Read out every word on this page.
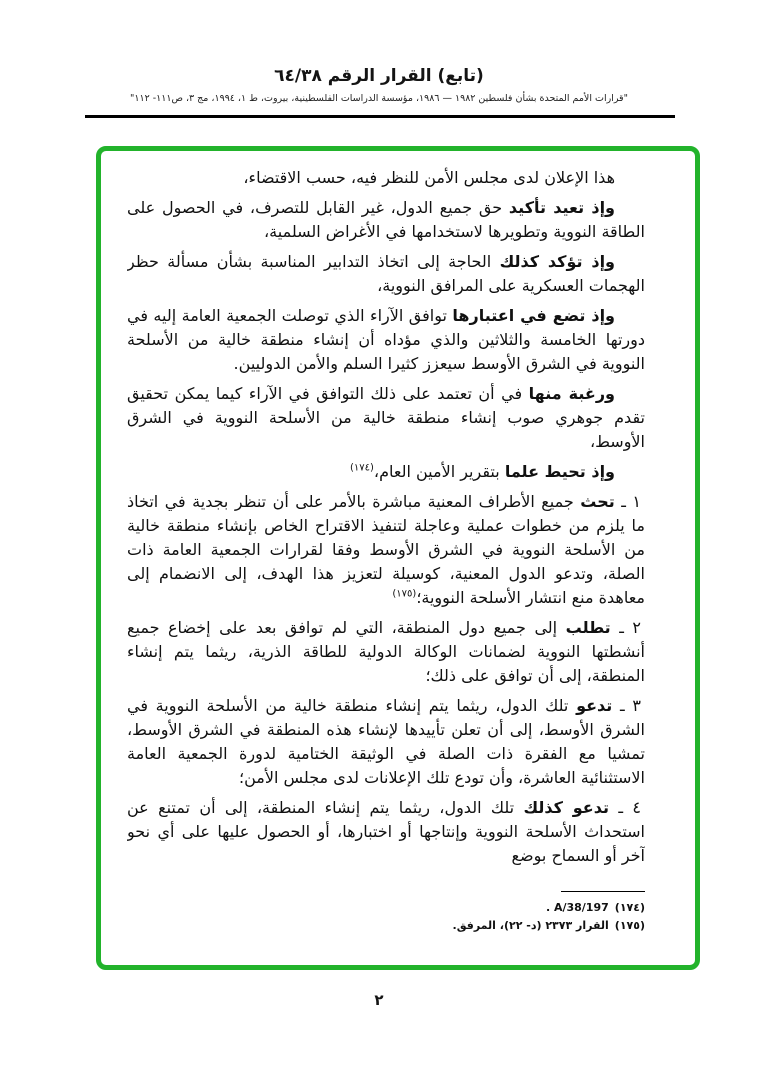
(تابع) القرار الرقم ٦٤/٣٨
"قرارات الأمم المتحدة بشأن فلسطين ١٩٨٢ — ١٩٨٦، مؤسسة الدراسات الفلسطينية، بيروت، ط ١، ١٩٩٤، مج ٣، ص١١١- ١١٢"

هذا الإعلان لدى مجلس الأمن للنظر فيه، حسب الاقتضاء،

وإذ تعيد تأكيد حق جميع الدول، غير القابل للتصرف، في الحصول على الطاقة النووية وتطويرها لاستخدامها في الأغراض السلمية،

وإذ تؤكد كذلك الحاجة إلى اتخاذ التدابير المناسبة بشأن مسألة حظر الهجمات العسكرية على المرافق النووية،

وإذ تضع في اعتبارها توافق الآراء الذي توصلت الجمعية العامة إليه في دورتها الخامسة والثلاثين والذي مؤداه أن إنشاء منطقة خالية من الأسلحة النووية في الشرق الأوسط سيعزز كثيرا السلم والأمن الدوليين.

ورغبة منها في أن تعتمد على ذلك التوافق في الآراء كيما يمكن تحقيق تقدم جوهري صوب إنشاء منطقة خالية من الأسلحة النووية في الشرق الأوسط،

وإذ تحيط علما بتقرير الأمين العام،$^{(١٧٤)}$

١ ـ تحث جميع الأطراف المعنية مباشرة بالأمر على أن تنظر بجدية في اتخاذ ما يلزم من خطوات عملية وعاجلة لتنفيذ الاقتراح الخاص بإنشاء منطقة خالية من الأسلحة النووية في الشرق الأوسط وفقا لقرارات الجمعية العامة ذات الصلة، وتدعو الدول المعنية، كوسيلة لتعزيز هذا الهدف، إلى الانضمام إلى معاهدة منع انتشار الأسلحة النووية؛$^{(١٧٥)}$

٢ ـ تطلب إلى جميع دول المنطقة، التي لم توافق بعد على إخضاع جميع أنشطتها النووية لضمانات الوكالة الدولية للطاقة الذرية، ريثما يتم إنشاء المنطقة، إلى أن توافق على ذلك؛

٣ ـ تدعو تلك الدول، ريثما يتم إنشاء منطقة خالية من الأسلحة النووية في الشرق الأوسط، إلى أن تعلن تأييدها لإنشاء هذه المنطقة في الشرق الأوسط، تمشيا مع الفقرة ذات الصلة في الوثيقة الختامية لدورة الجمعية العامة الاستثنائية العاشرة، وأن تودع تلك الإعلانات لدى مجلس الأمن؛

٤ ـ تدعو كذلك تلك الدول، ريثما يتم إنشاء المنطقة، إلى أن تمتنع عن استحداث الأسلحة النووية وإنتاجها أو اختبارها، أو الحصول عليها على أي نحو آخر أو السماح بوضع

(١٧٤)A/38/197 .
(١٧٥)القرار ٢٣٧٣ (د- ٢٢)، المرفق.
٢
